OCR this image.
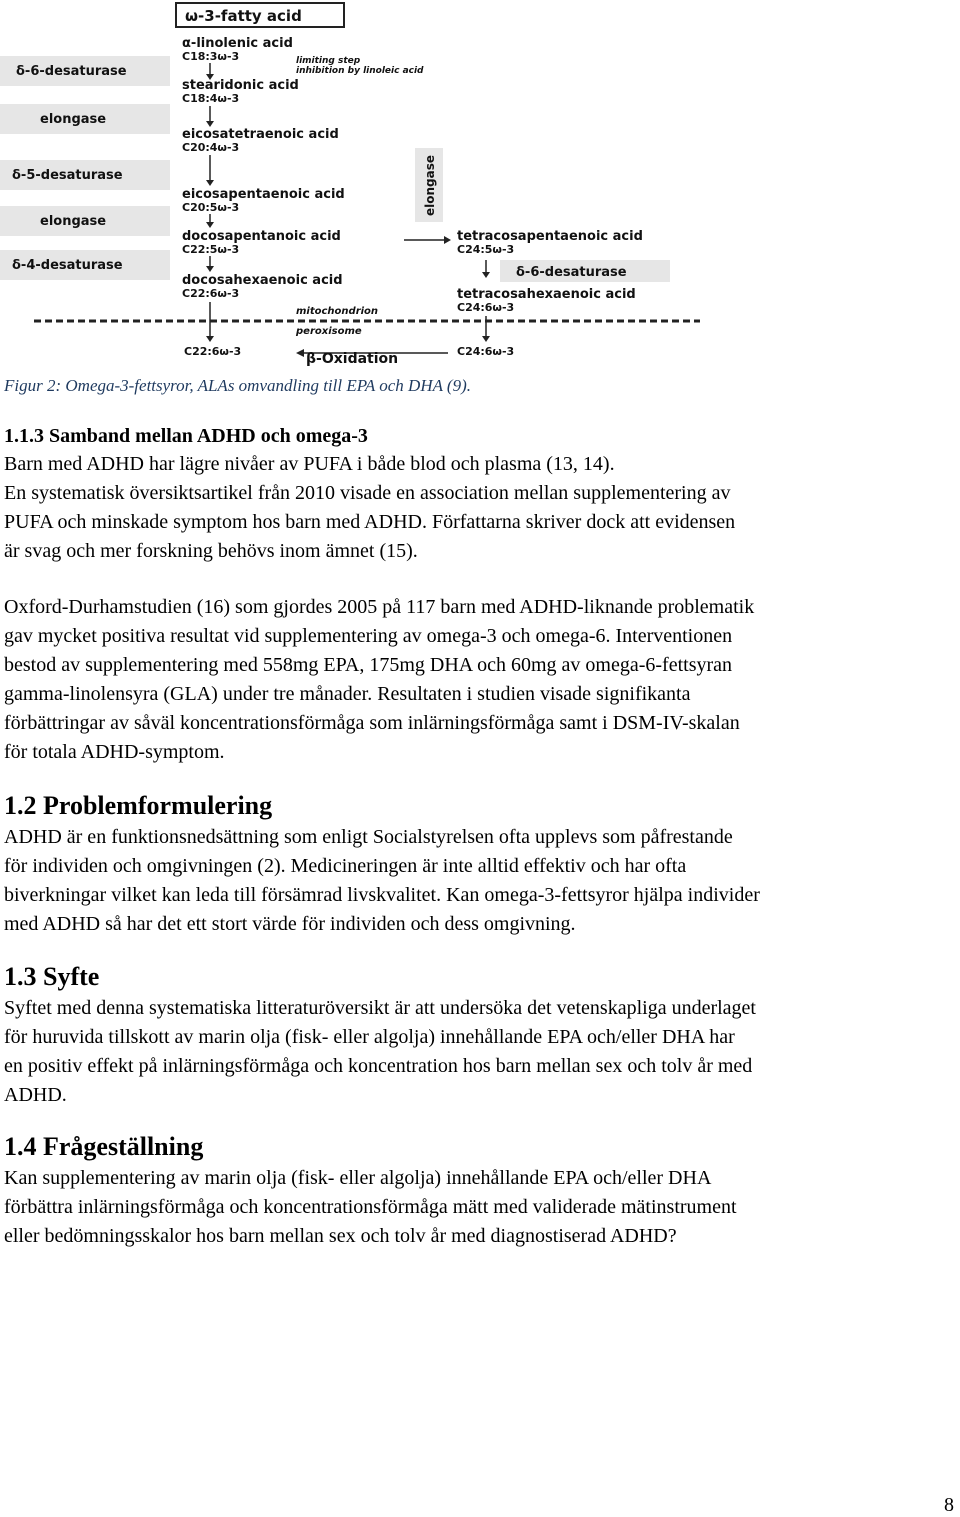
δ-6-desaturase
elongase
δ-5-desaturase
elongase
δ-4-desaturase
ω-3-fatty acid
α-linolenic acid
C18:3ω-3	limiting step
inhibition by linoleic acid
stearidonic acid
C18:4ω-3
eicosatetraenoic acid
C20:4ω-3
eicosapentaenoic acid
C20:5ω-3
docosapentanoic acid
C22:5ω-3
docosahexaenoic acid
C22:6ω-3
elongase
tetracosapentaenoic acid
C24:5ω-3
δ-6-desaturase
tetracosahexaenoic acid
C24:6ω-3
mitochondrion
peroxisome
C22:6ω-3	C24:6ω-3
β-Oxidation
Figur 2: Omega-3-fettsyror, ALAs omvandling till EPA och DHA (9).

1.1.3 Samband mellan ADHD och omega-3

Barn med ADHD har lägre nivåer av PUFA i både blod och plasma (13, 14).

En systematisk översiktsartikel från 2010 visade en association mellan supplementering av

PUFA och minskade symptom hos barn med ADHD. Författarna skriver dock att evidensen

är svag och mer forskning behövs inom ämnet (15).

Oxford-Durhamstudien (16) som gjordes 2005 på 117 barn med ADHD-liknande problematik

gav mycket positiva resultat vid supplementering av omega-3 och omega-6. Interventionen

bestod av supplementering med 558mg EPA, 175mg DHA och 60mg av omega-6-fettsyran

gamma-linolensyra (GLA) under tre månader. Resultaten i studien visade signifikanta

förbättringar av såväl koncentrationsförmåga som inlärningsförmåga samt i DSM-IV-skalan

för totala ADHD-symptom.

1.2 Problemformulering

ADHD är en funktionsnedsättning som enligt Socialstyrelsen ofta upplevs som påfrestande

för individen och omgivningen (2). Medicineringen är inte alltid effektiv och har ofta

biverkningar vilket kan leda till försämrad livskvalitet. Kan omega-3-fettsyror hjälpa individer

med ADHD så har det ett stort värde för individen och dess omgivning.

1.3 Syfte

Syftet med denna systematiska litteraturöversikt är att undersöka det vetenskapliga underlaget

för huruvida tillskott av marin olja (fisk- eller algolja) innehållande EPA och/eller DHA har

en positiv effekt på inlärningsförmåga och koncentration hos barn mellan sex och tolv år med

ADHD.

1.4 Frågeställning

Kan supplementering av marin olja (fisk- eller algolja) innehållande EPA och/eller DHA

förbättra inlärningsförmåga och koncentrationsförmåga mätt med validerade mätinstrument

eller bedömningsskalor hos barn mellan sex och tolv år med diagnostiserad ADHD?

8
